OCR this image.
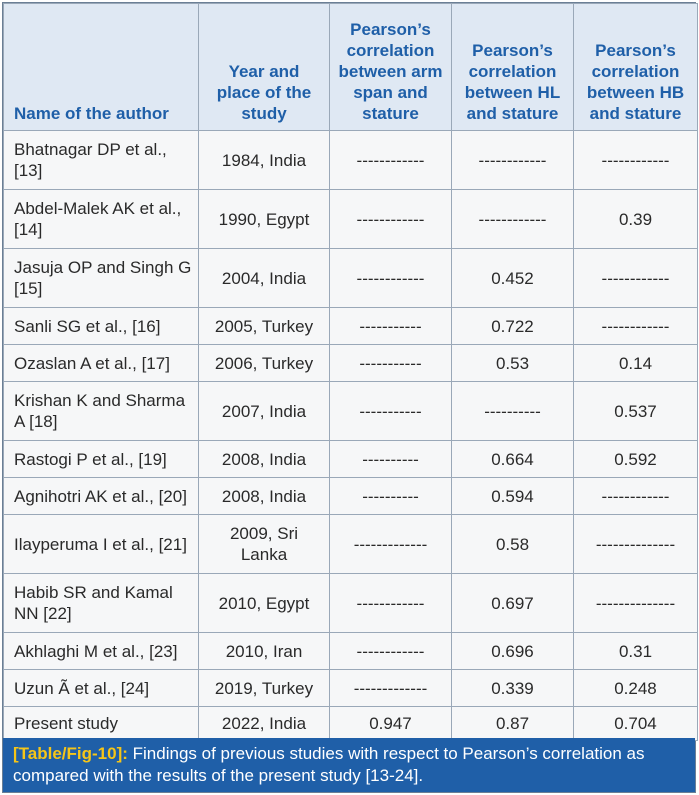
Name of the author	Year and place of the study	Pearson’s correlation between arm span and stature	Pearson’s correlation between HL and stature	Pearson’s correlation between HB and stature
Bhatnagar DP et al., [13]	1984, India	------------	------------	------------
Abdel-Malek AK et al., [14]	1990, Egypt	------------	------------	0.39
Jasuja OP and Singh G [15]	2004, India	------------	0.452	------------
Sanli SG et al., [16]	2005, Turkey	-----------	0.722	------------
Ozaslan A et al., [17]	2006, Turkey	-----------	0.53	0.14
Krishan K and Sharma A [18]	2007, India	-----------	----------	0.537
Rastogi P et al., [19]	2008, India	----------	0.664	0.592
Agnihotri AK et al., [20]	2008, India	----------	0.594	------------
Ilayperuma I et al., [21]	2009, Sri Lanka	-------------	0.58	--------------
Habib SR and Kamal NN [22]	2010, Egypt	------------	0.697	--------------
Akhlaghi M et al., [23]	2010, Iran	------------	0.696	0.31
Uzun Ã et al., [24]	2019, Turkey	-------------	0.339	0.248
Present study	2022, India	0.947	0.87	0.704
[Table/Fig-10]: Findings of previous studies with respect to Pearson’s correlation as compared with the results of the present study [13-24].
